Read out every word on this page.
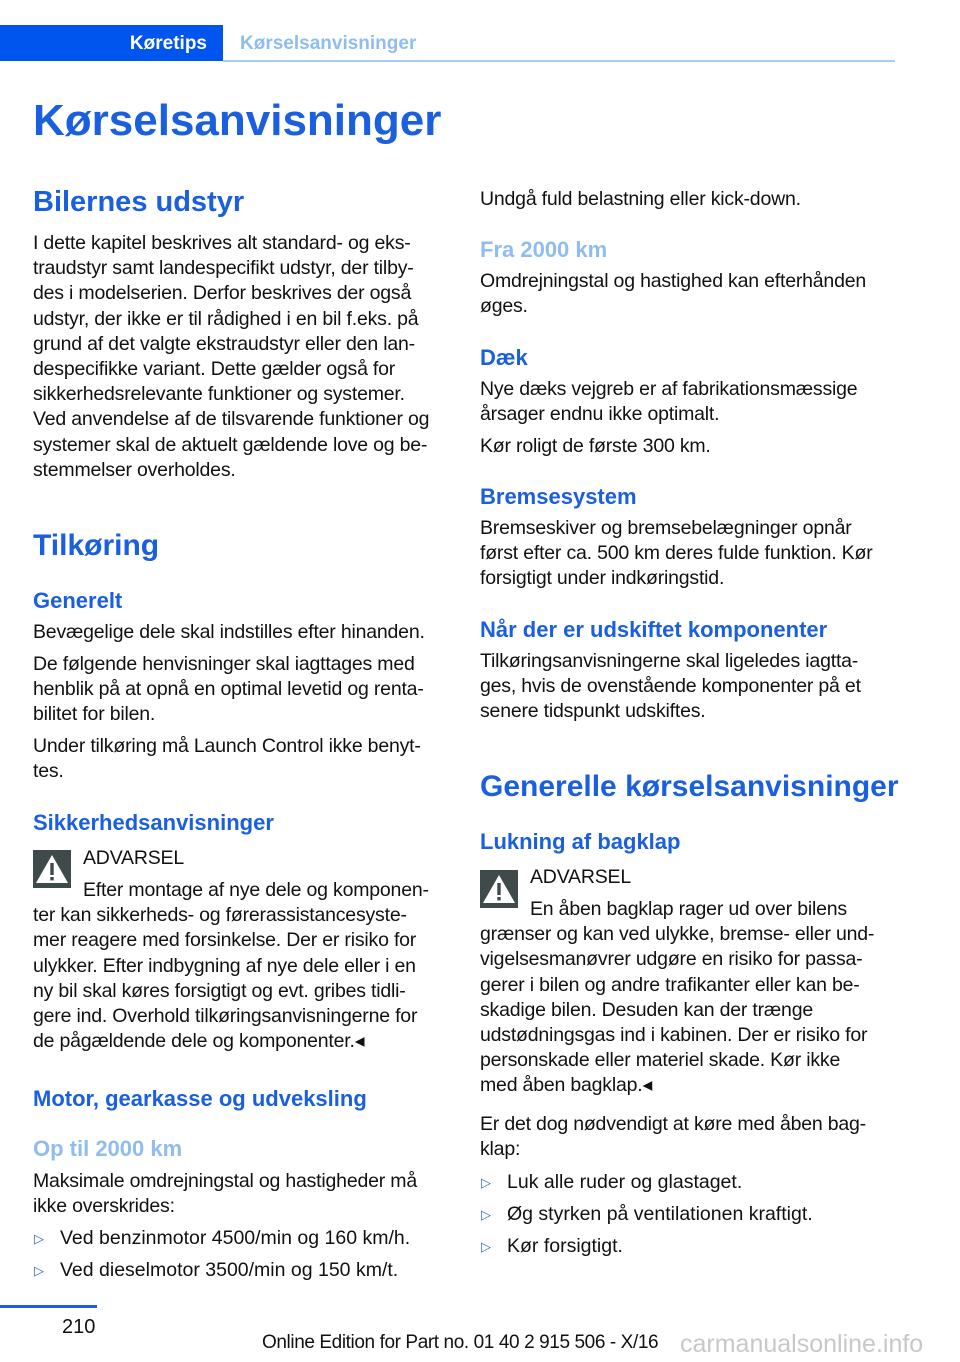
Køretips	Kørselsanvisninger
Kørselsanvisninger
Bilernes udstyr

I dette kapitel beskrives alt standard- og eks-
traudstyr samt landespecifikt udstyr, der tilby-
des i modelserien. Derfor beskrives der også
udstyr, der ikke er til rådighed i en bil f.eks. på
grund af det valgte ekstraudstyr eller den lan-
despecifikke variant. Dette gælder også for
sikkerhedsrelevante funktioner og systemer.
Ved anvendelse af de tilsvarende funktioner og
systemer skal de aktuelt gældende love og be-
stemmelser overholdes.

Tilkøring
Generelt

Bevægelige dele skal indstilles efter hinanden.

De følgende henvisninger skal iagttages med
henblik på at opnå en optimal levetid og renta-
bilitet for bilen.

Under tilkøring må Launch Control ikke benyt-
tes.

Sikkerhedsanvisninger
ADVARSEL

Efter montage af nye dele og komponen-
ter kan sikkerheds- og førerassistancesyste-
mer reagere med forsinkelse. Der er risiko for
ulykker. Efter indbygning af nye dele eller i en
ny bil skal køres forsigtigt og evt. gribes tidli-
gere ind. Overhold tilkøringsanvisningerne for
de pågældende dele og komponenter.◂

Motor, gearkasse og udveksling
Op til 2000 km

Maksimale omdrejningstal og hastigheder må
ikke overskrides:

▷ Ved benzinmotor 4500/min og 160 km/h.
▷ Ved dieselmotor 3500/min og 150 km/t.

Undgå fuld belastning eller kick-down.

Fra 2000 km

Omdrejningstal og hastighed kan efterhånden
øges.

Dæk

Nye dæks vejgreb er af fabrikationsmæssige
årsager endnu ikke optimalt.

Kør roligt de første 300 km.

Bremsesystem

Bremseskiver og bremsebelægninger opnår
først efter ca. 500 km deres fulde funktion. Kør
forsigtigt under indkøringstid.

Når der er udskiftet komponenter

Tilkøringsanvisningerne skal ligeledes iagtta-
ges, hvis de ovenstående komponenter på et
senere tidspunkt udskiftes.

Generelle kørselsanvisninger
Lukning af bagklap
ADVARSEL

En åben bagklap rager ud over bilens
grænser og kan ved ulykke, bremse- eller und-
vigelsesmanøvrer udgøre en risiko for passa-
gerer i bilen og andre trafikanter eller kan be-
skadige bilen. Desuden kan der trænge
udstødningsgas ind i kabinen. Der er risiko for
personskade eller materiel skade. Kør ikke
med åben bagklap.◂

Er det dog nødvendigt at køre med åben bag-
klap:

▷ Luk alle ruder og glastaget.
▷ Øg styrken på ventilationen kraftigt.
▷ Kør forsigtigt.
210
Online Edition for Part no. 01 40 2 915 506 - X/16 carmanualsonline.info
